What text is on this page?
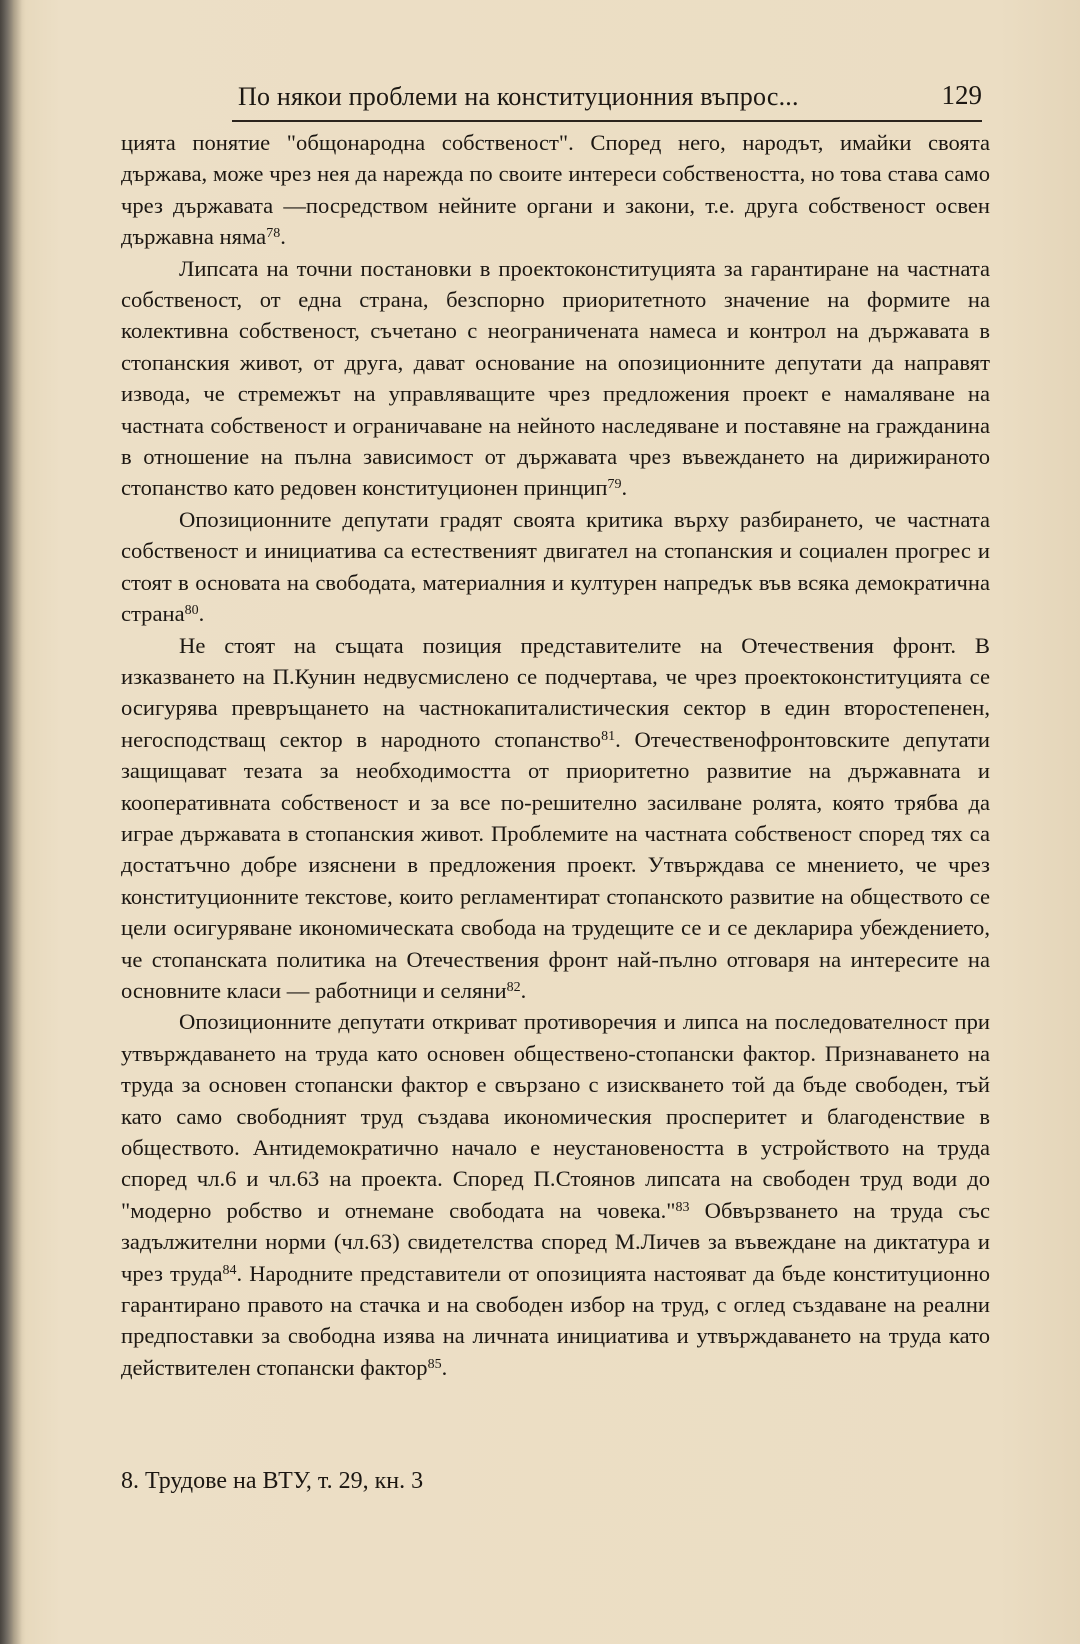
По някои проблеми на конституционния въпрос...	129

цията понятие "общонародна собственост". Според него, народът, имайки своята държава, може чрез нея да нарежда по своите интереси собствеността, но това става само чрез държавата —посредством нейните органи и закони, т.е. друга собственост освен държавна няма$^{78}$.

Липсата на точни постановки в проектоконституцията за гарантиране на частната собственост, от една страна, безспорно приоритетното значение на формите на колективна собственост, съчетано с неограничената намеса и контрол на държавата в стопанския живот, от друга, дават основание на опозиционните депутати да направят извода, че стремежът на управляващите чрез предложения проект е намаляване на частната собственост и ограничаване на нейното наследяване и поставяне на гражданина в отношение на пълна зависимост от държавата чрез въвеждането на дирижираното стопанство като редовен конституционен принцип$^{79}$.

Опозиционните депутати градят своята критика върху разбирането, че частната собственост и инициатива са естественият двигател на стопанския и социален прогрес и стоят в основата на свободата, материалния и културен напредък във всяка демократична страна$^{80}$.

Не стоят на същата позиция представителите на Отечествения фронт. В изказването на П.Кунин недвусмислено се подчертава, че чрез проектоконституцията се осигурява превръщането на частнокапиталистическия сектор в един второстепенен, негосподстващ сектор в народното стопанство$^{81}$. Отечественофронтовските депутати защищават тезата за необходимостта от приоритетно развитие на държавната и кооперативната собственост и за все по-решително засилване ролята, която трябва да играе държавата в стопанския живот. Проблемите на частната собственост според тях са достатъчно добре изяснени в предложения проект. Утвърждава се мнението, че чрез конституционните текстове, които регламентират стопанското развитие на обществото се цели осигуряване икономическата свобода на трудещите се и се декларира убеждението, че стопанската политика на Отечествения фронт най-пълно отговаря на интересите на основните класи — работници и селяни$^{82}$.

Опозиционните депутати откриват противоречия и липса на последователност при утвърждаването на труда като основен обществено-стопански фактор. Признаването на труда за основен стопански фактор е свързано с изискването той да бъде свободен, тъй като само свободният труд създава икономическия просперитет и благоденствие в обществото. Антидемократично начало е неустановеността в устройството на труда според чл.6 и чл.63 на проекта. Според П.Стоянов липсата на свободен труд води до "модерно робство и отнемане свободата на човека."$^{83}$ Обвързването на труда със задължителни норми (чл.63) свидетелства според М.Личев за въвеждане на диктатура и чрез труда$^{84}$. Народните представители от опозицията настояват да бъде конституционно гарантирано правото на стачка и на свободен избор на труд, с оглед създаване на реални предпоставки за свободна изява на личната инициатива и утвърждаването на труда като действителен стопански фактор$^{85}$.

8. Трудове на ВТУ, т. 29, кн. 3
